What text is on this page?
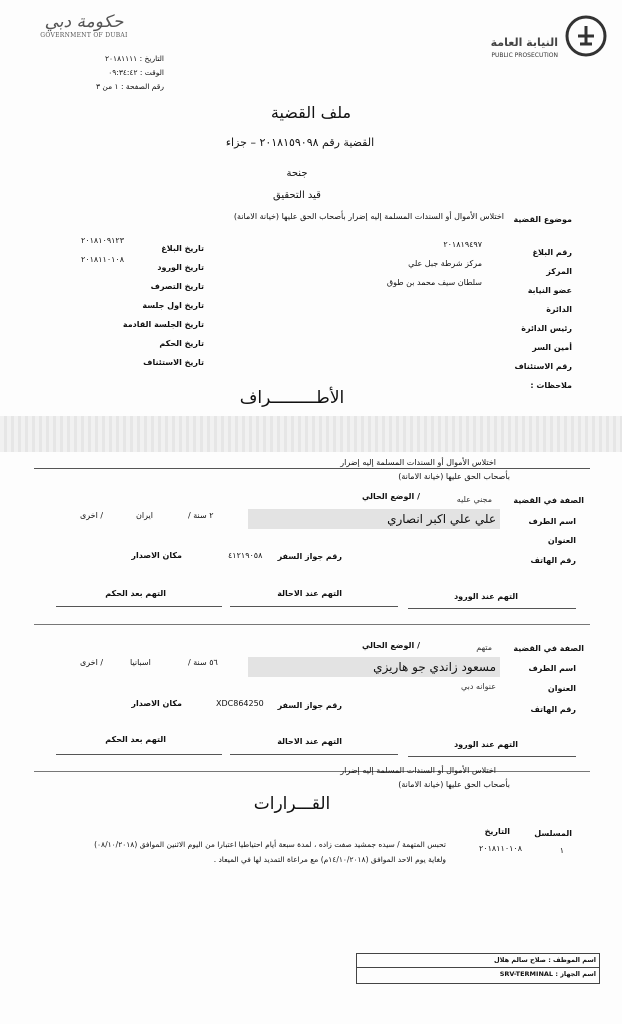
حكومة دبي
GOVERNMENT OF DUBAI
التاريخ : ٢٠١٨١١١١
الوقت : ٠٩:٣٤:٤٢
رقم الصفحة : ١ من ٣
النيابة العامة
PUBLIC PROSECUTION
ملف القضية
القضية رقم ٢٠١٨١٥٩٠٩٨ – جزاء
جنحة
قيد التحقيق
موضوع القضية
اختلاس الأموال أو السندات المسلمة إليه إضرار بأصحاب الحق عليها (خيانة الامانة)
رقم البلاغ
٢٠١٨١٩٤٩٧
المركز
مركز شرطة جبل علي
عضو النيابة
سلطان سيف محمد بن طوق
الدائرة
رئيس الدائرة
أمين السر
رقم الاستئناف
ملاحظات :
تاريخ البلاغ
٢٠١٨١٠٩١٢٣
تاريخ الورود
٢٠١٨١١٠١٠٨
تاريخ التصرف
تاريخ اول جلسة
تاريخ الجلسة القادمة
تاريخ الحكم
تاريخ الاستئناف
الأطـــــــــراف
اختلاس الأموال أو السندات المسلمة إليه إضرار
بأصحاب الحق عليها (خيانة الامانة)
الصفة في القضية
مجني عليه
/ الوضع الحالي
اسم الطرف
علي علي اكبر انصاري
٢ سنة /
ايران
/ اخرى
العنوان
رقم الهاتف
رقم جواز السفر
٤١٢١٩٠٥٨
مكان الاصدار
التهم عند الورود
التهم عند الاحالة
التهم بعد الحكم
الصفة في القضية
متهم
/ الوضع الحالي
اسم الطرف
مسعود زاندي جو هاريزي
٥٦ سنة /
اسبانيا
/ اخرى
العنوان
عنوانه دبي
رقم الهاتف
رقم جواز السفر
XDC864250
مكان الاصدار
التهم عند الورود
التهم عند الاحالة
التهم بعد الحكم
اختلاس الأموال أو السندات المسلمة إليه إضرار
بأصحاب الحق عليها (خيانة الامانة)
القـــرارات
المسلسل
التاريخ
١
٢٠١٨١١٠١٠٨
تحبس المتهمة / سيده جمشيد صفت زاده ، لمدة سبعة أيام احتياطيا اعتبارا من اليوم الاثنين الموافق (٠٨/١٠/٢٠١٨)
ولغاية يوم الاحد الموافق (١٤/١٠/٢٠١٨م) مع مراعاة التمديد لها في الميعاد .
اسم الموظف : صلاح سالم هلال
اسم الجهاز : SRV-TERMINAL
